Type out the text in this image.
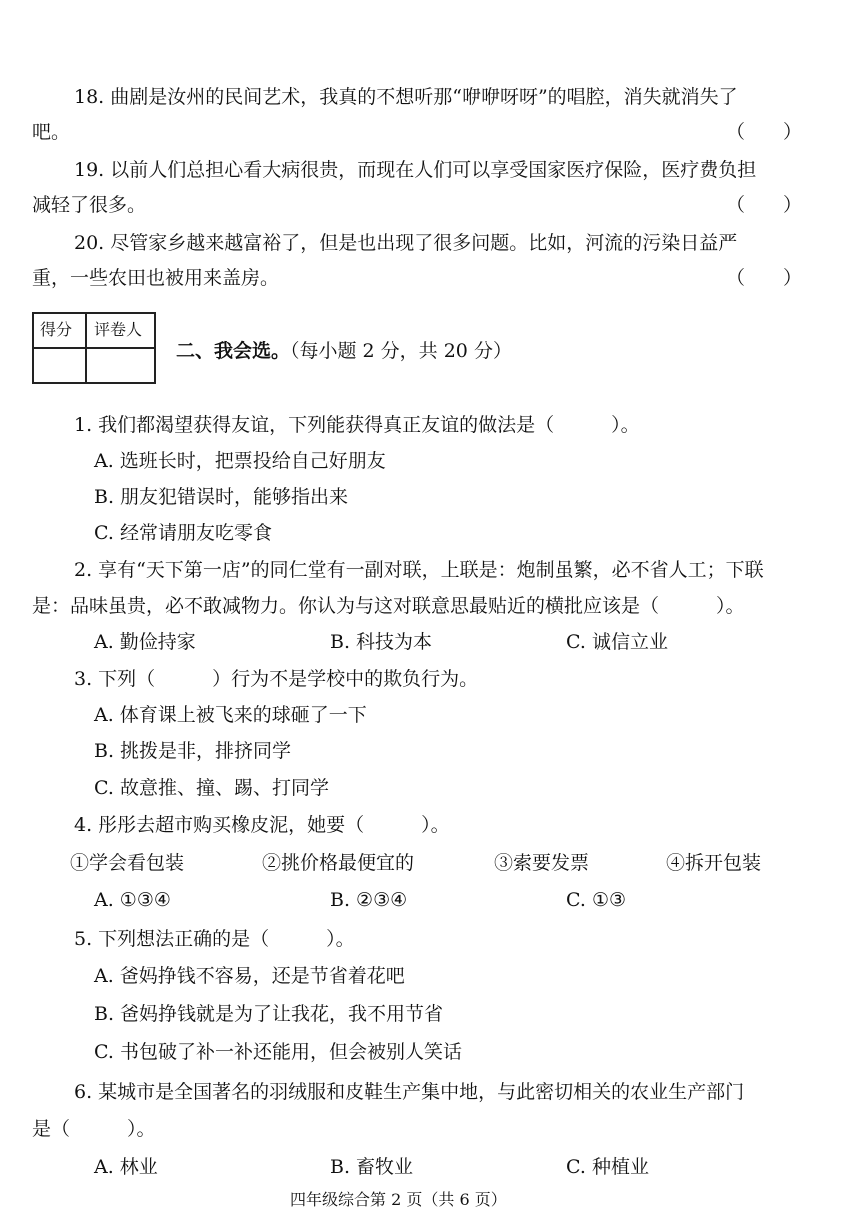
18. 曲剧是汝州的民间艺术，我真的不想听那“咿咿呀呀”的唱腔，消失就消失了
吧。	（　　）
19. 以前人们总担心看大病很贵，而现在人们可以享受国家医疗保险，医疗费负担
减轻了很多。	（　　）
20. 尽管家乡越来越富裕了，但是也出现了很多问题。比如，河流的污染日益严
重，一些农田也被用来盖房。	（　　）
得分 评卷人
二、我会选。（每小题 2 分，共 20 分）
1. 我们都渴望获得友谊，下列能获得真正友谊的做法是（　　　）。
A. 选班长时，把票投给自己好朋友
B. 朋友犯错误时，能够指出来
C. 经常请朋友吃零食
2. 享有“天下第一店”的同仁堂有一副对联，上联是：炮制虽繁，必不省人工；下联
是：品味虽贵，必不敢减物力。你认为与这对联意思最贴近的横批应该是（　　　）。
A. 勤俭持家	B. 科技为本	C. 诚信立业
3. 下列（　　　）行为不是学校中的欺负行为。
A. 体育课上被飞来的球砸了一下
B. 挑拨是非，排挤同学
C. 故意推、撞、踢、打同学
4. 彤彤去超市购买橡皮泥，她要（　　　）。
①学会看包装	②挑价格最便宜的	③索要发票	④拆开包装
A. ①③④	B. ②③④	C. ①③
5. 下列想法正确的是（　　　）。
A. 爸妈挣钱不容易，还是节省着花吧
B. 爸妈挣钱就是为了让我花，我不用节省
C. 书包破了补一补还能用，但会被别人笑话
6. 某城市是全国著名的羽绒服和皮鞋生产集中地，与此密切相关的农业生产部门
是（　　　）。
A. 林业	B. 畜牧业	C. 种植业
四年级综合第 2 页（共 6 页）
